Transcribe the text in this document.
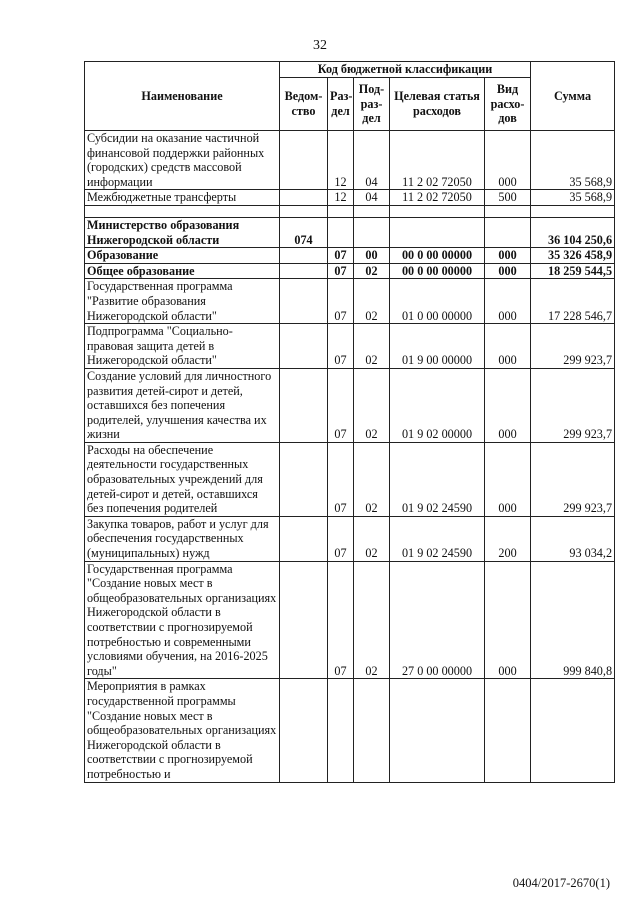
32
Наименование	Код бюджетной классификации					Сумма
	Ведом-ство	Раз-дел	Под-раз-дел	Целевая статья расходов	Вид расхо-дов	
Субсидии на оказание частичной финансовой поддержки районных (городских) средств массовой информации		12	04	11 2 02 72050	000	35 568,9
Межбюджетные трансферты		12	04	11 2 02 72050	500	35 568,9

Министерство образования Нижегородской области	074					36 104 250,6
Образование		07	00	00 0 00 00000	000	35 326 458,9
Общее образование		07	02	00 0 00 00000	000	18 259 544,5
Государственная программа "Развитие образования Нижегородской области"		07	02	01 0 00 00000	000	17 228 546,7
Подпрограмма "Социально-правовая защита детей в Нижегородской области"		07	02	01 9 00 00000	000	299 923,7
Создание условий для личностного развития детей-сирот и детей, оставшихся без попечения родителей, улучшения качества их жизни		07	02	01 9 02 00000	000	299 923,7
Расходы на обеспечение деятельности государственных образовательных учреждений для детей-сирот и детей, оставшихся без попечения родителей		07	02	01 9 02 24590	000	299 923,7
Закупка товаров, работ и услуг для обеспечения государственных (муниципальных) нужд		07	02	01 9 02 24590	200	93 034,2
Государственная программа "Создание новых мест в общеобразовательных организациях Нижегородской области в соответствии с прогнозируемой потребностью и современными условиями обучения, на 2016-2025 годы"		07	02	27 0 00 00000	000	999 840,8
Мероприятия в рамках государственной программы "Создание новых мест в общеобразовательных организациях Нижегородской области в соответствии с прогнозируемой потребностью и						
0404/2017-2670(1)
